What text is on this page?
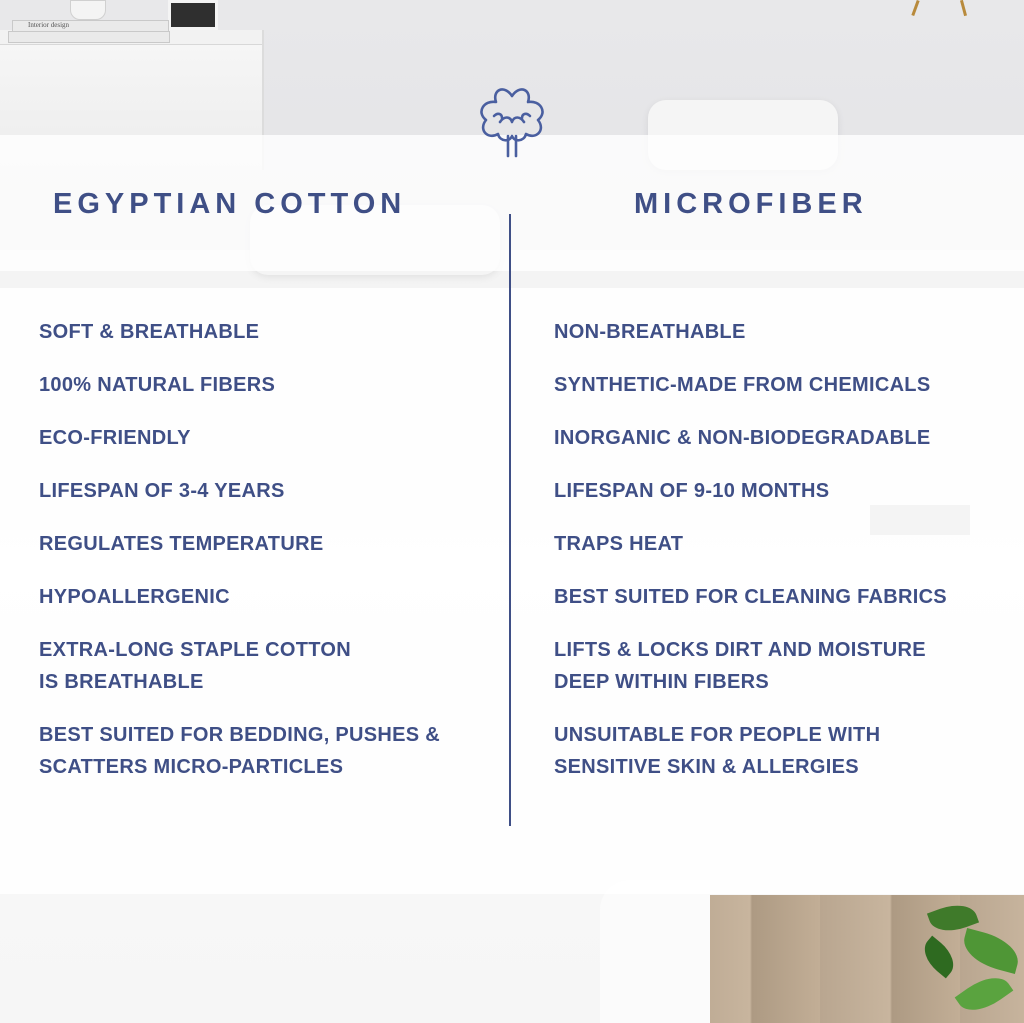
Interior design
EGYPTIAN COTTON	MICROFIBER
SOFT & BREATHABLE
100% NATURAL FIBERS
ECO-FRIENDLY
LIFESPAN OF 3-4 YEARS
REGULATES TEMPERATURE
HYPOALLERGENIC
EXTRA-LONG STAPLE COTTON
IS BREATHABLE
BEST SUITED FOR BEDDING, PUSHES &
SCATTERS MICRO-PARTICLES
NON-BREATHABLE
SYNTHETIC-MADE FROM CHEMICALS
INORGANIC & NON-BIODEGRADABLE
LIFESPAN OF 9-10 MONTHS
TRAPS HEAT
BEST SUITED FOR CLEANING FABRICS
LIFTS & LOCKS DIRT AND MOISTURE
DEEP WITHIN FIBERS
UNSUITABLE FOR PEOPLE WITH
SENSITIVE SKIN & ALLERGIES
